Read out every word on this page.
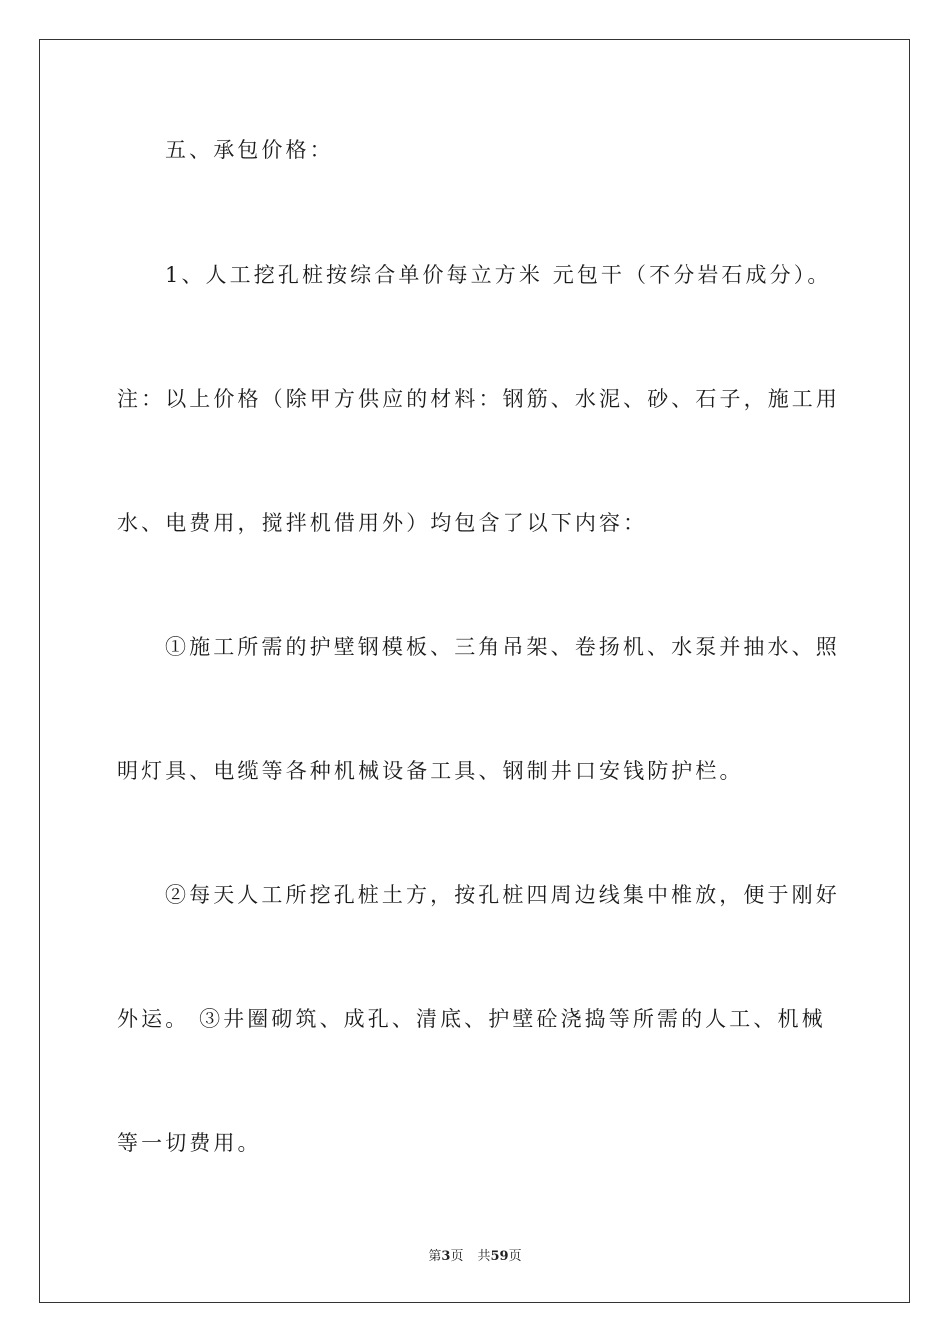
五、承包价格：
1、人工挖孔桩按综合单价每立方米 元包干（不分岩石成分）。
注：以上价格（除甲方供应的材料：钢筋、水泥、砂、石子，施工用
水、电费用，搅拌机借用外）均包含了以下内容：
①施工所需的护壁钢模板、三角吊架、卷扬机、水泵并抽水、照
明灯具、电缆等各种机械设备工具、钢制井口安钱防护栏。
②每天人工所挖孔桩土方，按孔桩四周边线集中椎放，便于刚好
外运。 ③井圈砌筑、成孔、清底、护壁砼浇捣等所需的人工、机械
等一切费用。
第3页 共59页
